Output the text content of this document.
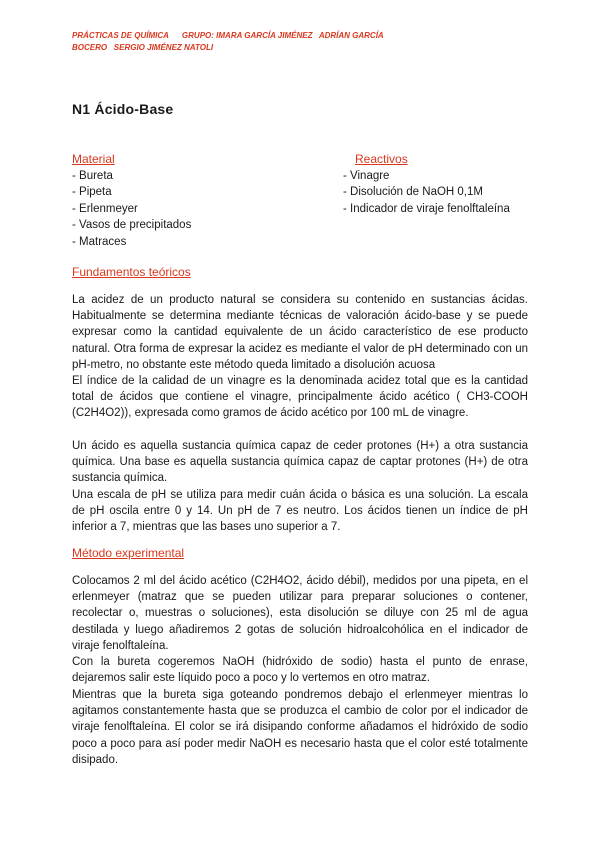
PRÁCTICAS DE QUÍMICA      GRUPO: IMARA GARCÍA JIMÉNEZ   ADRÍAN GARCÍA
BOCERO   SERGIO JIMÉNEZ NATOLI
N1 Ácido-Base
Material
- Bureta
- Pipeta
- Erlenmeyer
- Vasos de precipitados
- Matraces
Reactivos
- Vinagre
- Disolución de NaOH 0,1M
- Indicador de viraje fenolftaleína
Fundamentos teóricos

La acidez de un producto natural se considera su contenido en sustancias ácidas. Habitualmente se determina mediante técnicas de valoración ácido-base y se puede expresar como la cantidad equivalente de un ácido característico de ese producto natural. Otra forma de expresar la acidez es mediante el valor de pH determinado con un pH-metro, no obstante este método queda limitado a disolución acuosa

El índice de la calidad de un vinagre es la denominada acidez total que es la cantidad total de ácidos que contiene el vinagre, principalmente ácido acético ( CH3-COOH (C2H4O2)), expresada como gramos de ácido acético por 100 mL de vinagre.

Un ácido es aquella sustancia química capaz de ceder protones (H+) a otra sustancia química. Una base es aquella sustancia química capaz de captar protones (H+) de otra sustancia química.

Una escala de pH se utiliza para medir cuán ácida o básica es una solución. La escala de pH oscila entre 0 y 14. Un pH de 7 es neutro. Los ácidos tienen un índice de pH inferior a 7, mientras que las bases uno superior a 7.

Método experimental

Colocamos 2 ml del ácido acético (C2H4O2, ácido débil), medidos por una pipeta, en el erlenmeyer (matraz que se pueden utilizar para preparar soluciones o contener, recolectar o, muestras o soluciones), esta disolución se diluye con 25 ml de agua destilada y luego añadiremos 2 gotas de solución hidroalcohólica en el indicador de viraje fenolftaleína.

Con la bureta cogeremos NaOH (hidróxido de sodio) hasta el punto de enrase, dejaremos salir este líquido poco a poco y lo vertemos en otro matraz.

Mientras que la bureta siga goteando pondremos debajo el erlenmeyer mientras lo agitamos constantemente hasta que se produzca el cambio de color por el indicador de viraje fenolftaleína. El color se irá disipando conforme añadamos el hidróxido de sodio poco a poco para así poder medir NaOH es necesario hasta que el color esté totalmente disipado.
